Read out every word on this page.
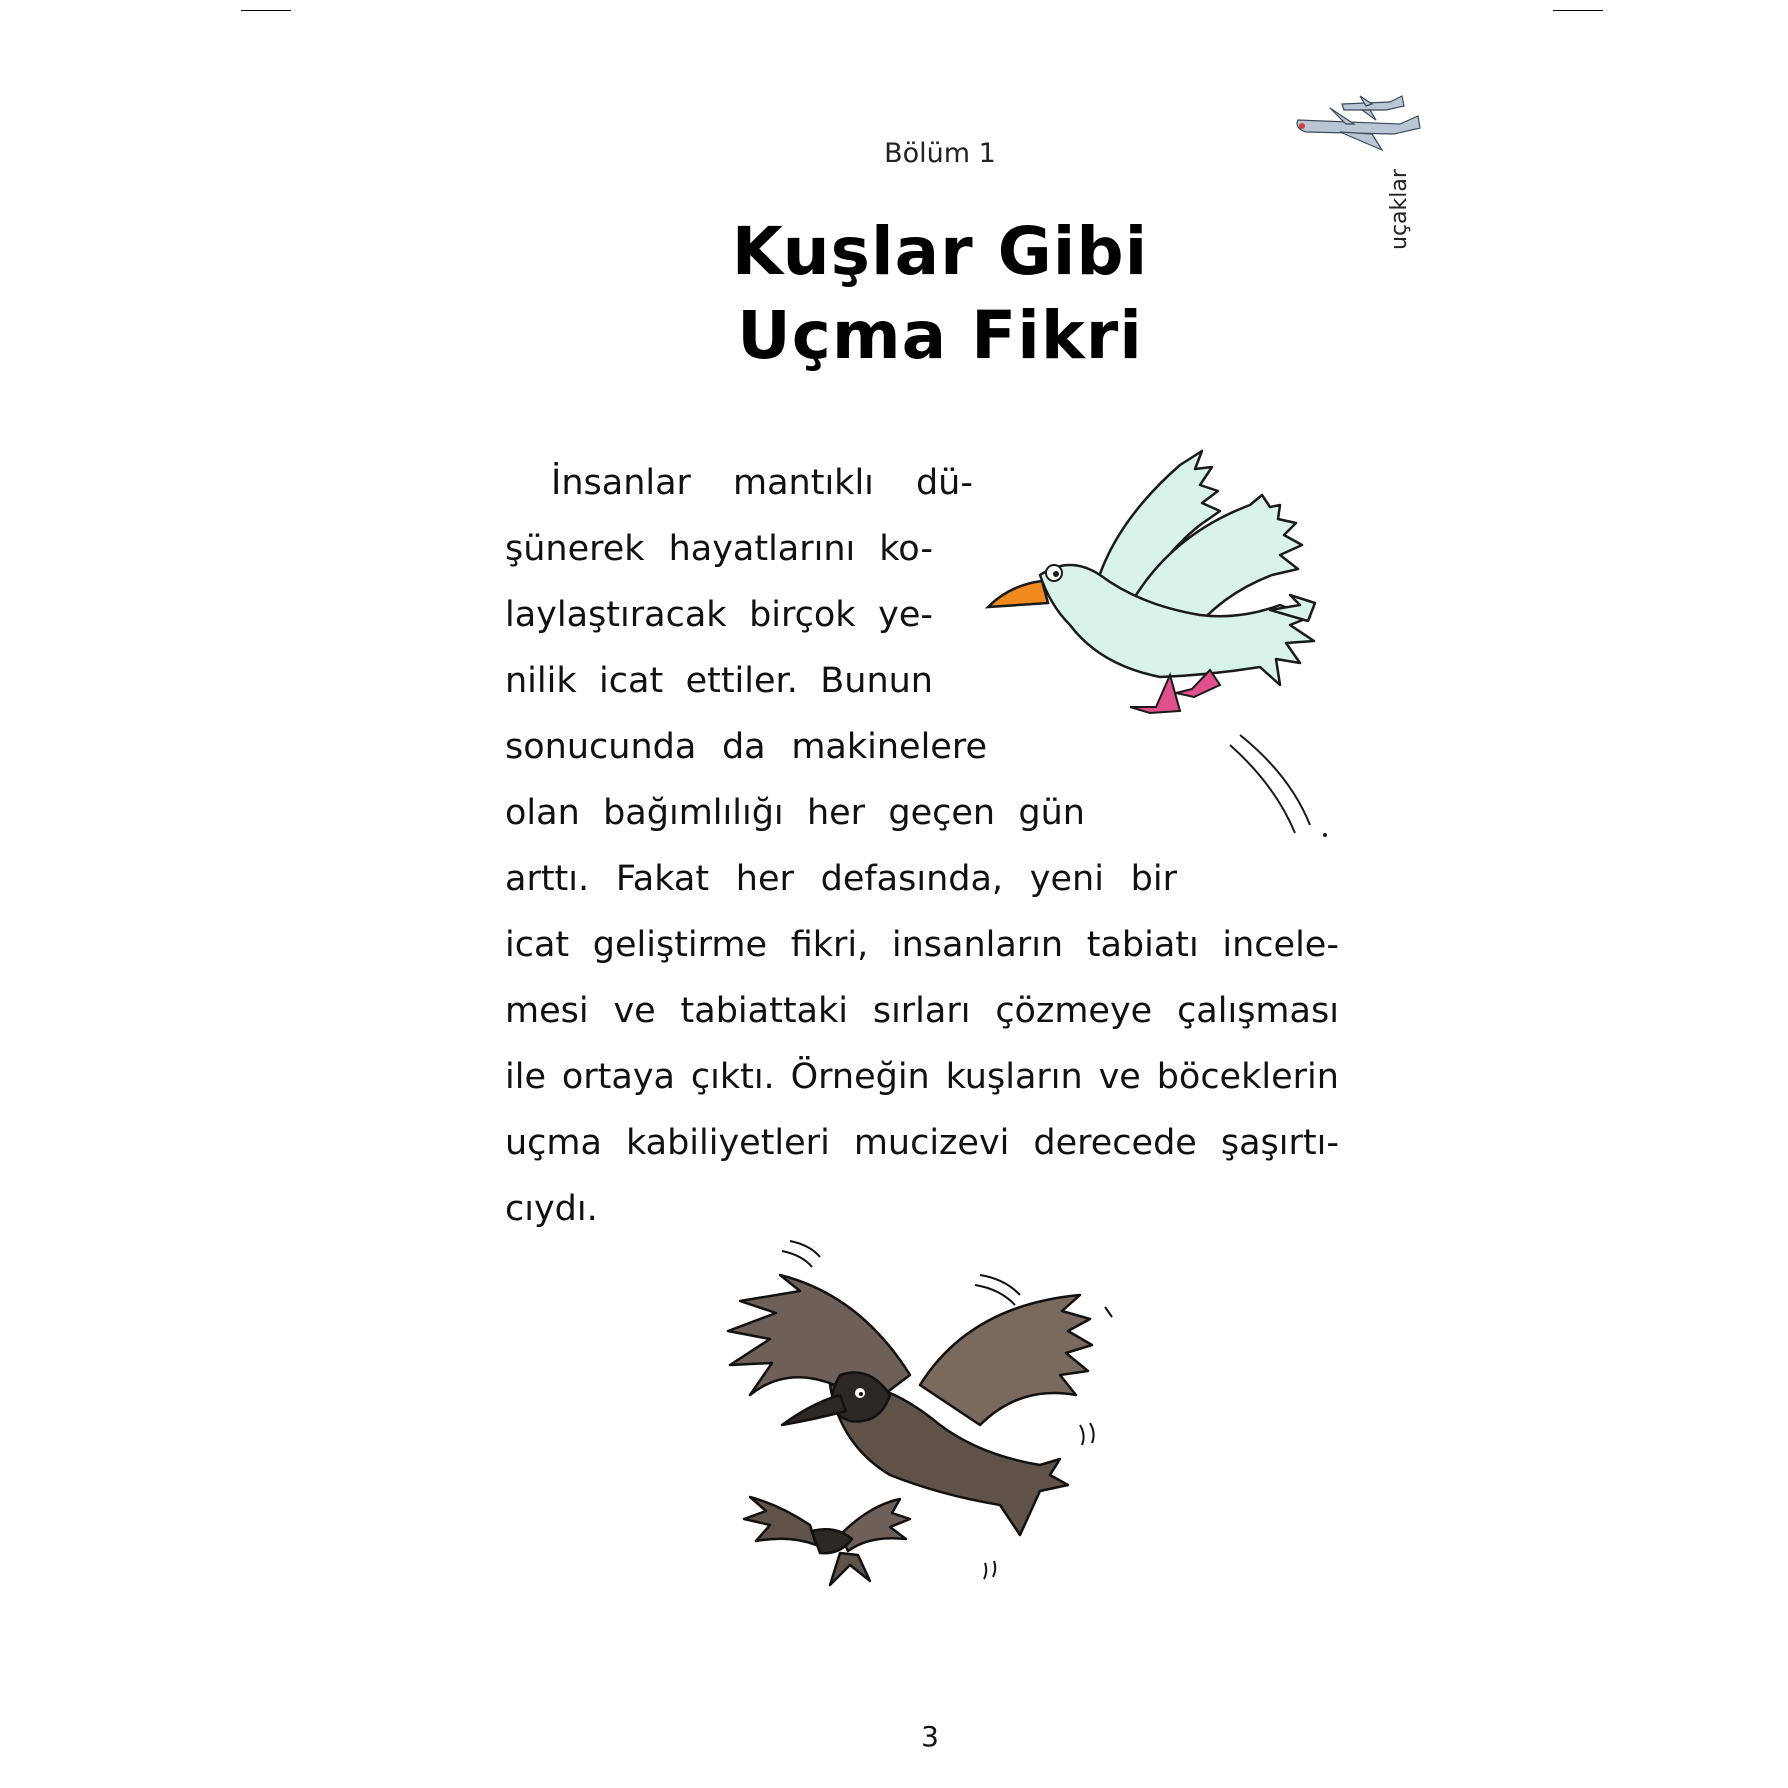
Bölüm 1
uçaklar
Kuşlar Gibi
Uçma Fikri
İnsanlar mantıklı dü-
şünerek hayatlarını ko-
laylaştıracak birçok ye-
nilik icat ettiler. Bunun
sonucunda da makinelere
olan bağımlılığı her geçen gün
arttı. Fakat her defasında, yeni bir
icat geliştirme fikri, insanların tabiatı incele-
mesi ve tabiattaki sırları çözmeye çalışması
ile ortaya çıktı. Örneğin kuşların ve böceklerin
uçma kabiliyetleri mucizevi derecede şaşırtı-
cıydı.
3
